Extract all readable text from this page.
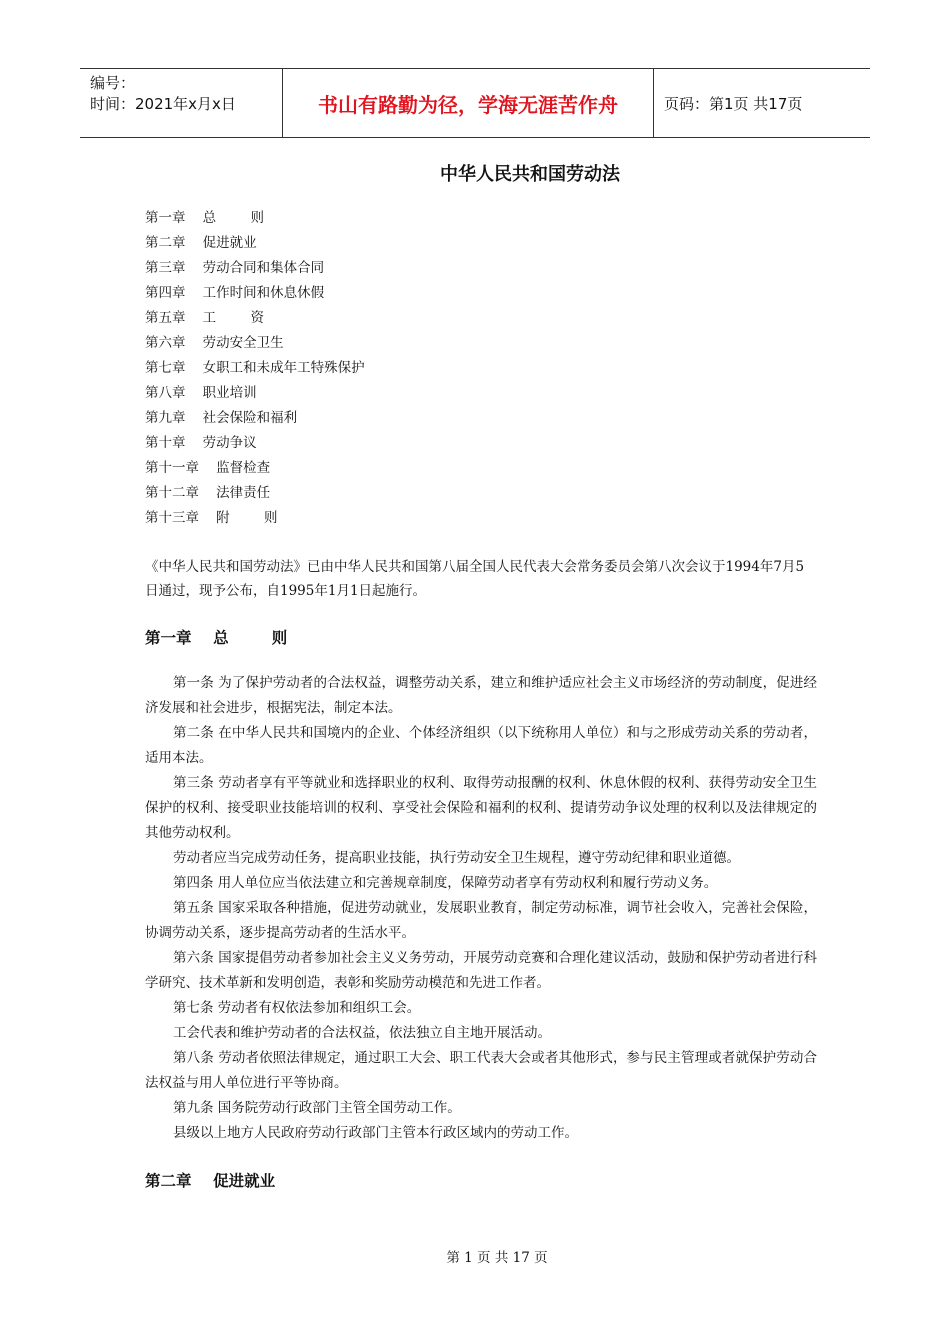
编号：
时间：2021年x月x日	书山有路勤为径，学海无涯苦作舟	页码：第1页 共17页
中华人民共和国劳动法
第一章    总        则
第二章    促进就业
第三章    劳动合同和集体合同
第四章    工作时间和休息休假
第五章    工        资
第六章    劳动安全卫生
第七章    女职工和未成年工特殊保护
第八章    职业培训
第九章    社会保险和福利
第十章    劳动争议
第十一章    监督检查
第十二章    法律责任
第十三章    附        则

《中华人民共和国劳动法》已由中华人民共和国第八届全国人民代表大会常务委员会第八次会议于1994年7月5日通过，现予公布，自1995年1月1日起施行。

第一章    总        则

第一条 为了保护劳动者的合法权益，调整劳动关系，建立和维护适应社会主义市场经济的劳动制度，促进经济发展和社会进步，根据宪法，制定本法。

第二条 在中华人民共和国境内的企业、个体经济组织（以下统称用人单位）和与之形成劳动关系的劳动者，适用本法。

第三条 劳动者享有平等就业和选择职业的权利、取得劳动报酬的权利、休息休假的权利、获得劳动安全卫生保护的权利、接受职业技能培训的权利、享受社会保险和福利的权利、提请劳动争议处理的权利以及法律规定的其他劳动权利。

劳动者应当完成劳动任务，提高职业技能，执行劳动安全卫生规程，遵守劳动纪律和职业道德。

第四条 用人单位应当依法建立和完善规章制度，保障劳动者享有劳动权利和履行劳动义务。

第五条 国家采取各种措施，促进劳动就业，发展职业教育，制定劳动标准，调节社会收入，完善社会保险，协调劳动关系，逐步提高劳动者的生活水平。

第六条 国家提倡劳动者参加社会主义义务劳动，开展劳动竞赛和合理化建议活动，鼓励和保护劳动者进行科学研究、技术革新和发明创造，表彰和奖励劳动模范和先进工作者。

第七条 劳动者有权依法参加和组织工会。

工会代表和维护劳动者的合法权益，依法独立自主地开展活动。

第八条 劳动者依照法律规定，通过职工大会、职工代表大会或者其他形式，参与民主管理或者就保护劳动合法权益与用人单位进行平等协商。

第九条 国务院劳动行政部门主管全国劳动工作。

县级以上地方人民政府劳动行政部门主管本行政区域内的劳动工作。

第二章    促进就业
第 1 页 共 17 页
